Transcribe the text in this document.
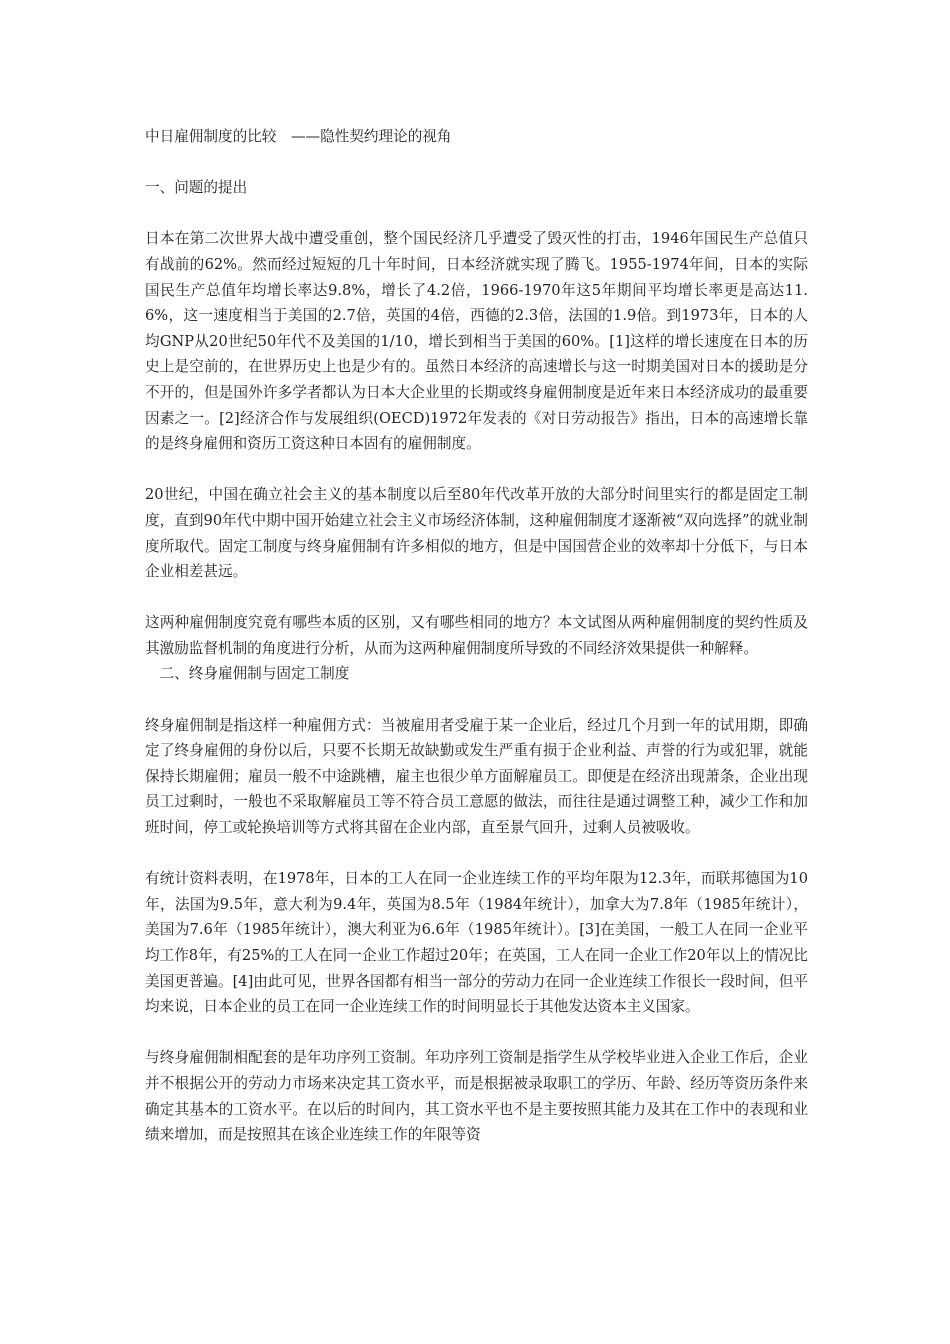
中日雇佣制度的比较　——隐性契约理论的视角

一、问题的提出

日本在第二次世界大战中遭受重创，整个国民经济几乎遭受了毁灭性的打击，1946年国民生产总值只有战前的62%。然而经过短短的几十年时间，日本经济就实现了腾飞。1955-1974年间，日本的实际国民生产总值年均增长率达9.8%，增长了4.2倍，1966-1970年这5年期间平均增长率更是高达11.6%，这一速度相当于美国的2.7倍，英国的4倍，西德的2.3倍，法国的1.9倍。到1973年，日本的人均GNP从20世纪50年代不及美国的1/10，增长到相当于美国的60%。[1]这样的增长速度在日本的历史上是空前的，在世界历史上也是少有的。虽然日本经济的高速增长与这一时期美国对日本的援助是分不开的，但是国外许多学者都认为日本大企业里的长期或终身雇佣制度是近年来日本经济成功的最重要因素之一。[2]经济合作与发展组织(OECD)1972年发表的《对日劳动报告》指出，日本的高速增长靠的是终身雇佣和资历工资这种日本固有的雇佣制度。

20世纪，中国在确立社会主义的基本制度以后至80年代改革开放的大部分时间里实行的都是固定工制度，直到90年代中期中国开始建立社会主义市场经济体制，这种雇佣制度才逐渐被“双向选择”的就业制度所取代。固定工制度与终身雇佣制有许多相似的地方，但是中国国营企业的效率却十分低下，与日本企业相差甚远。

这两种雇佣制度究竟有哪些本质的区别，又有哪些相同的地方？本文试图从两种雇佣制度的契约性质及其激励监督机制的角度进行分析，从而为这两种雇佣制度所导致的不同经济效果提供一种解释。

二、终身雇佣制与固定工制度

终身雇佣制是指这样一种雇佣方式：当被雇用者受雇于某一企业后，经过几个月到一年的试用期，即确定了终身雇佣的身份以后，只要不长期无故缺勤或发生严重有损于企业利益、声誉的行为或犯罪，就能保持长期雇佣；雇员一般不中途跳槽，雇主也很少单方面解雇员工。即便是在经济出现萧条，企业出现员工过剩时，一般也不采取解雇员工等不符合员工意愿的做法，而往往是通过调整工种，减少工作和加班时间，停工或轮换培训等方式将其留在企业内部，直至景气回升，过剩人员被吸收。

有统计资料表明，在1978年，日本的工人在同一企业连续工作的平均年限为12.3年，而联邦德国为10年，法国为9.5年，意大利为9.4年，英国为8.5年（1984年统计），加拿大为7.8年（1985年统计），美国为7.6年（1985年统计），澳大利亚为6.6年（1985年统计）。[3]在美国，一般工人在同一企业平均工作8年，有25%的工人在同一企业工作超过20年；在英国，工人在同一企业工作20年以上的情况比美国更普遍。[4]由此可见，世界各国都有相当一部分的劳动力在同一企业连续工作很长一段时间，但平均来说，日本企业的员工在同一企业连续工作的时间明显长于其他发达资本主义国家。

与终身雇佣制相配套的是年功序列工资制。年功序列工资制是指学生从学校毕业进入企业工作后，企业并不根据公开的劳动力市场来决定其工资水平，而是根据被录取职工的学历、年龄、经历等资历条件来确定其基本的工资水平。在以后的时间内，其工资水平也不是主要按照其能力及其在工作中的表现和业绩来增加，而是按照其在该企业连续工作的年限等资
